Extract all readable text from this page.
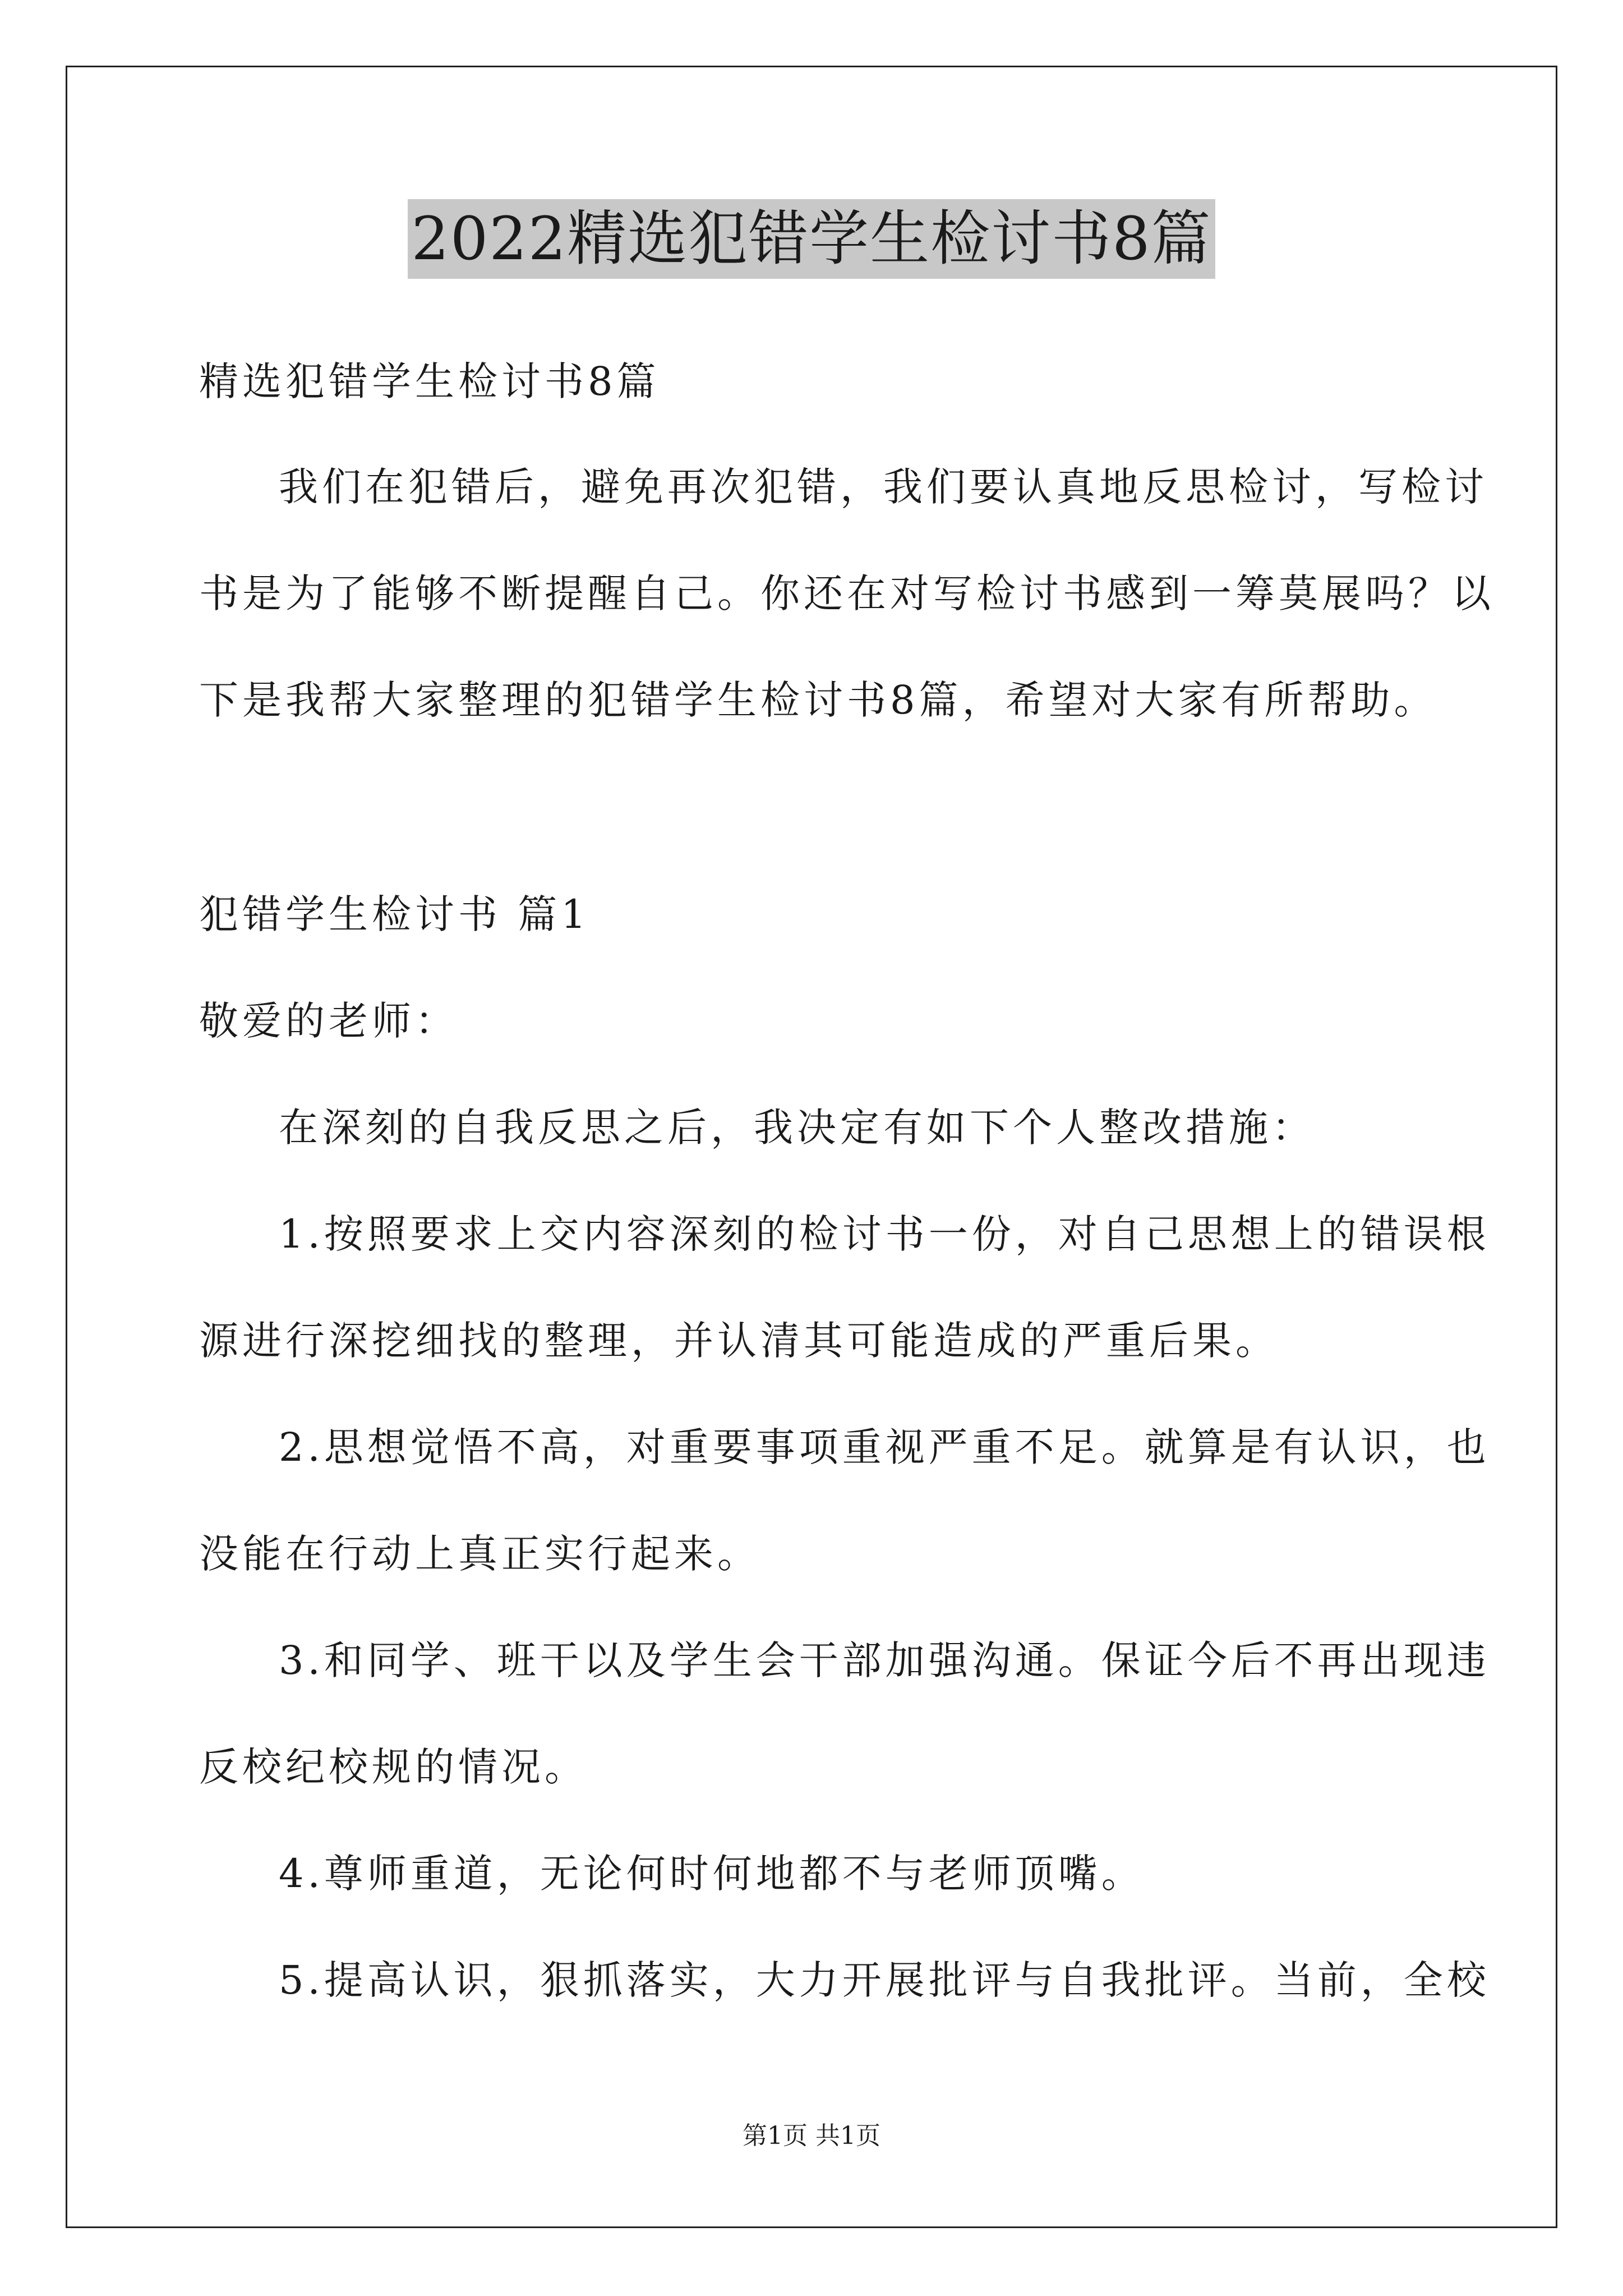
2022精选犯错学生检讨书8篇
精选犯错学生检讨书8篇
我们在犯错后，避免再次犯错，我们要认真地反思检讨，写检讨
书是为了能够不断提醒自己。你还在对写检讨书感到一筹莫展吗？以
下是我帮大家整理的犯错学生检讨书8篇，希望对大家有所帮助。
犯错学生检讨书 篇1
敬爱的老师：
在深刻的自我反思之后，我决定有如下个人整改措施：
1.按照要求上交内容深刻的检讨书一份，对自己思想上的错误根
源进行深挖细找的整理，并认清其可能造成的严重后果。
2.思想觉悟不高，对重要事项重视严重不足。就算是有认识，也
没能在行动上真正实行起来。
3.和同学、班干以及学生会干部加强沟通。保证今后不再出现违
反校纪校规的情况。
4.尊师重道，无论何时何地都不与老师顶嘴。
5.提高认识，狠抓落实，大力开展批评与自我批评。当前，全校
第1页 共1页
